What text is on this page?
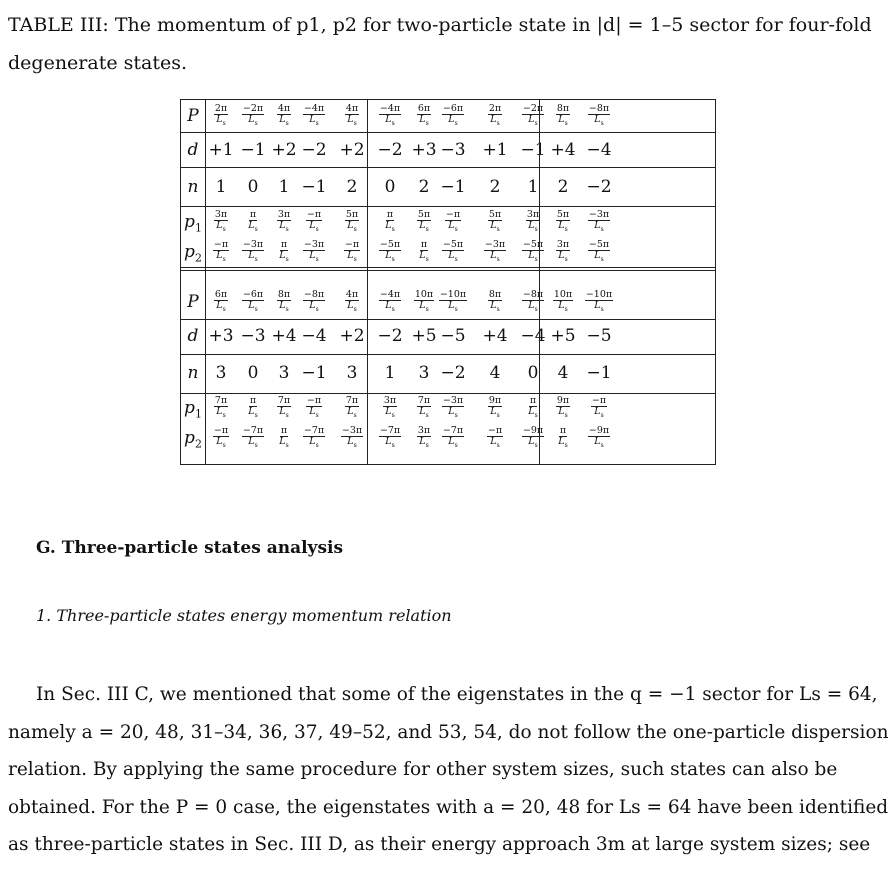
TABLE III: The momentum of p1, p2 for two-particle state in |d| = 1–5 sector for four-fold
degenerate states.
P	$\frac{2\pi}{L_s} \frac{-2\pi}{L_s} \frac{4\pi}{L_s} \frac{-4\pi}{L_s} \frac{4\pi}{L_s} \frac{-4\pi}{L_s} \frac{6\pi}{L_s} \frac{-6\pi}{L_s} \frac{2\pi}{L_s} \frac{-2\pi}{L_s} \frac{8\pi}{L_s} \frac{-8\pi}{L_s}$
d +1 −1 +2 −2 +2 −2 +3 −3 +1 −1 +4 −4
n	1	0	1 −1	2	0	2 −1	2	1	2	−2
$p_1$	$\frac{3\pi}{L_s} \frac{\pi}{L_s} \frac{3\pi}{L_s} \frac{-\pi}{L_s} \frac{5\pi}{L_s}$	$\frac{\pi}{L_s} \frac{5\pi}{L_s} \frac{-\pi}{L_s}$	$\frac{5\pi}{L_s} \frac{3\pi}{L_s} \frac{5\pi}{L_s} \frac{-3\pi}{L_s}$
$p_2$	$\frac{-\pi}{L_s} \frac{-3\pi}{L_s} \frac{\pi}{L_s} \frac{-3\pi}{L_s} \frac{-\pi}{L_s} \frac{-5\pi}{L_s} \frac{\pi}{L_s} \frac{-5\pi}{L_s} \frac{-3\pi}{L_s} \frac{-5\pi}{L_s} \frac{3\pi}{L_s} \frac{-5\pi}{L_s}$
P	$\frac{6\pi}{L_s} \frac{-6\pi}{L_s} \frac{8\pi}{L_s} \frac{-8\pi}{L_s} \frac{4\pi}{L_s} \frac{-4\pi}{L_s} \frac{10\pi}{L_s} \frac{-10\pi}{L_s} \frac{8\pi}{L_s} \frac{-8\pi}{L_s} \frac{10\pi}{L_s} \frac{-10\pi}{L_s}$
d +3 −3 +4 −4 +2 −2 +5 −5 +4 −4 +5 −5
n	3	0	3 −1	3	1	3 −2	4	0	4	−1
$p_1$	$\frac{7\pi}{L_s} \frac{\pi}{L_s} \frac{7\pi}{L_s} \frac{-\pi}{L_s} \frac{7\pi}{L_s} \frac{3\pi}{L_s} \frac{7\pi}{L_s} \frac{-3\pi}{L_s} \frac{9\pi}{L_s}$	$\frac{\pi}{L_s} \frac{9\pi}{L_s} \frac{-\pi}{L_s}$
$p_2$	$\frac{-\pi}{L_s} \frac{-7\pi}{L_s} \frac{\pi}{L_s} \frac{-7\pi}{L_s} \frac{-3\pi}{L_s} \frac{-7\pi}{L_s} \frac{3\pi}{L_s} \frac{-7\pi}{L_s} \frac{-\pi}{L_s} \frac{-9\pi}{L_s} \frac{\pi}{L_s} \frac{-9\pi}{L_s}$
G. Three-particle states analysis
1. Three-particle states energy momentum relation
In Sec. III C, we mentioned that some of the eigenstates in the q = −1 sector for Ls = 64,
namely a = 20, 48, 31–34, 36, 37, 49–52, and 53, 54, do not follow the one-particle dispersion
relation. By applying the same procedure for other system sizes, such states can also be
obtained. For the P = 0 case, the eigenstates with a = 20, 48 for Ls = 64 have been identified
as three-particle states in Sec. III D, as their energy approach 3m at large system sizes; see
